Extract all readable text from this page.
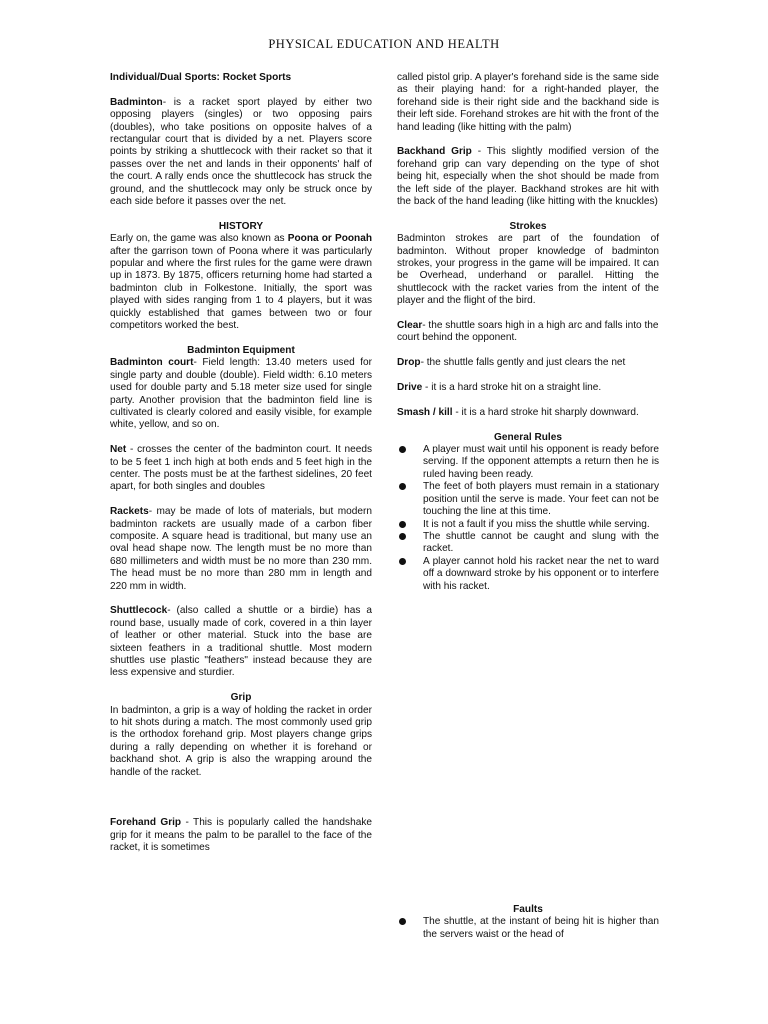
PHYSICAL EDUCATION AND HEALTH
Individual/Dual Sports: Rocket Sports

Badminton- is a racket sport played by either two opposing players (singles) or two opposing pairs (doubles), who take positions on opposite halves of a rectangular court that is divided by a net. Players score points by striking a shuttlecock with their racket so that it passes over the net and lands in their opponents' half of the court. A rally ends once the shuttlecock has struck the ground, and the shuttlecock may only be struck once by each side before it passes over the net.

HISTORY

Early on, the game was also known as Poona or Poonah after the garrison town of Poona where it was particularly popular and where the first rules for the game were drawn up in 1873. By 1875, officers returning home had started a badminton club in Folkestone. Initially, the sport was played with sides ranging from 1 to 4 players, but it was quickly established that games between two or four competitors worked the best.

Badminton Equipment

Badminton court- Field length: 13.40 meters used for single party and double (double). Field width: 6.10 meters used for double party and 5.18 meter size used for single party. Another provision that the badminton field line is cultivated is clearly colored and easily visible, for example white, yellow, and so on.

Net - crosses the center of the badminton court. It needs to be 5 feet 1 inch high at both ends and 5 feet high in the center. The posts must be at the farthest sidelines, 20 feet apart, for both singles and doubles

Rackets- may be made of lots of materials, but modern badminton rackets are usually made of a carbon fiber composite. A square head is traditional, but many use an oval head shape now. The length must be no more than 680 millimeters and width must be no more than 230 mm. The head must be no more than 280 mm in length and 220 mm in width.

Shuttlecock- (also called a shuttle or a birdie) has a round base, usually made of cork, covered in a thin layer of leather or other material. Stuck into the base are sixteen feathers in a traditional shuttle. Most modern shuttles use plastic "feathers" instead because they are less expensive and sturdier.

Grip

In badminton, a grip is a way of holding the racket in order to hit shots during a match. The most commonly used grip is the orthodox forehand grip. Most players change grips during a rally depending on whether it is forehand or backhand shot. A grip is also the wrapping around the handle of the racket.

Forehand Grip - This is popularly called the handshake grip for it means the palm to be parallel to the face of the racket, it is sometimes

called pistol grip. A player's forehand side is the same side as their playing hand: for a right-handed player, the forehand side is their right side and the backhand side is their left side. Forehand strokes are hit with the front of the hand leading (like hitting with the palm)

Backhand Grip - This slightly modified version of the forehand grip can vary depending on the type of shot being hit, especially when the shot should be made from the left side of the player. Backhand strokes are hit with the back of the hand leading (like hitting with the knuckles)

Strokes

Badminton strokes are part of the foundation of badminton. Without proper knowledge of badminton strokes, your progress in the game will be impaired. It can be Overhead, underhand or parallel. Hitting the shuttlecock with the racket varies from the intent of the player and the flight of the bird.

Clear- the shuttle soars high in a high arc and falls into the court behind the opponent.

Drop- the shuttle falls gently and just clears the net

Drive - it is a hard stroke hit on a straight line.

Smash / kill - it is a hard stroke hit sharply downward.

General Rules
A player must wait until his opponent is ready before serving. If the opponent attempts a return then he is ruled having been ready.
The feet of both players must remain in a stationary position until the serve is made. Your feet can not be touching the line at this time.
It is not a fault if you miss the shuttle while serving.
The shuttle cannot be caught and slung with the racket.
A player cannot hold his racket near the net to ward off a downward stroke by his opponent or to interfere with his racket.
Faults
The shuttle, at the instant of being hit is higher than the servers waist or the head of
